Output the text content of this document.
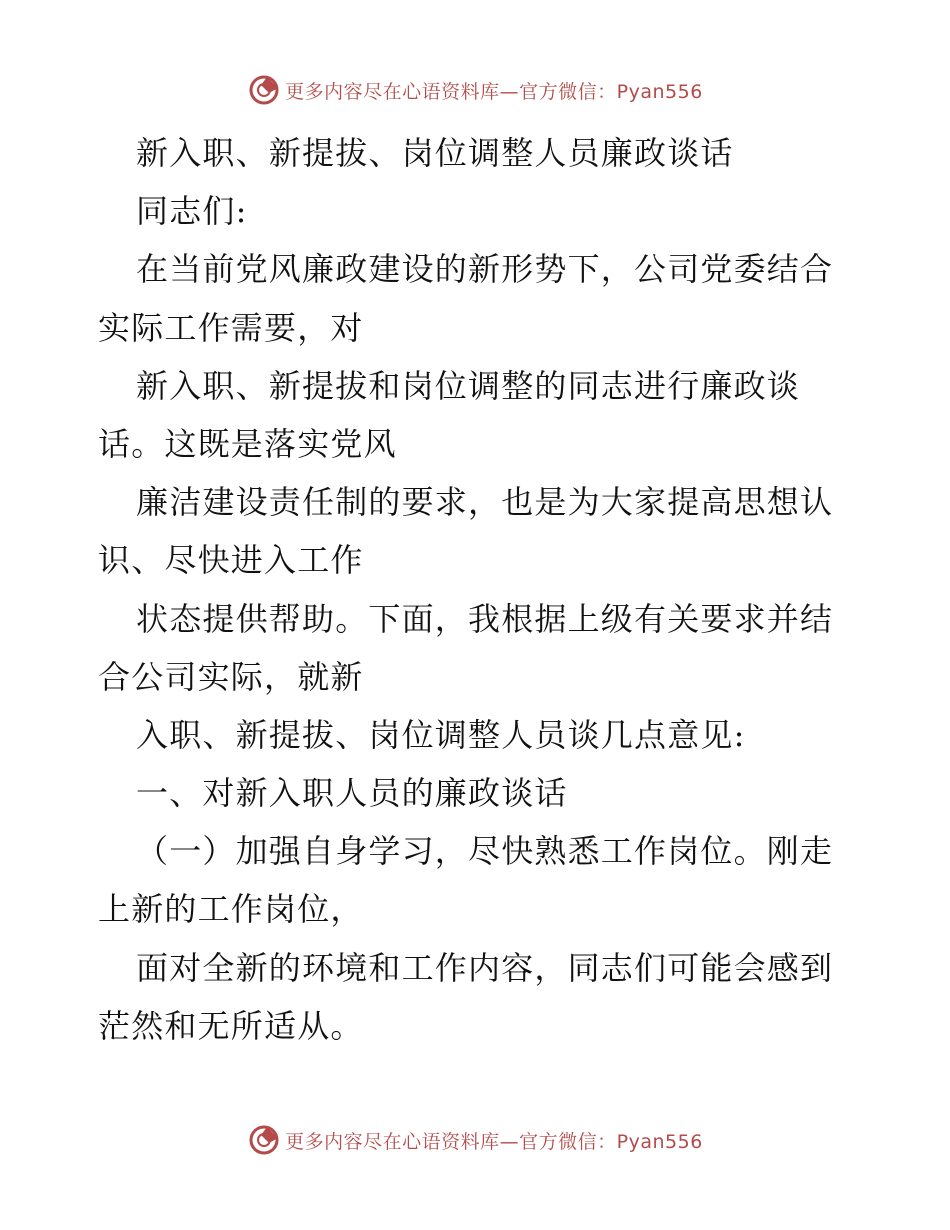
更多内容尽在心语资料库—官方微信：Pyan556
新入职、新提拔、岗位调整人员廉政谈话
同志们:
在当前党风廉政建设的新形势下，公司党委结合
实际工作需要，对
新入职、新提拔和岗位调整的同志进行廉政谈
话。这既是落实党风
廉洁建设责任制的要求，也是为大家提高思想认
识、尽快进入工作
状态提供帮助。下面，我根据上级有关要求并结
合公司实际，就新
入职、新提拔、岗位调整人员谈几点意见:
一、对新入职人员的廉政谈话
（一）加强自身学习，尽快熟悉工作岗位。刚走
上新的工作岗位，
面对全新的环境和工作内容，同志们可能会感到
茫然和无所适从。
更多内容尽在心语资料库—官方微信：Pyan556
